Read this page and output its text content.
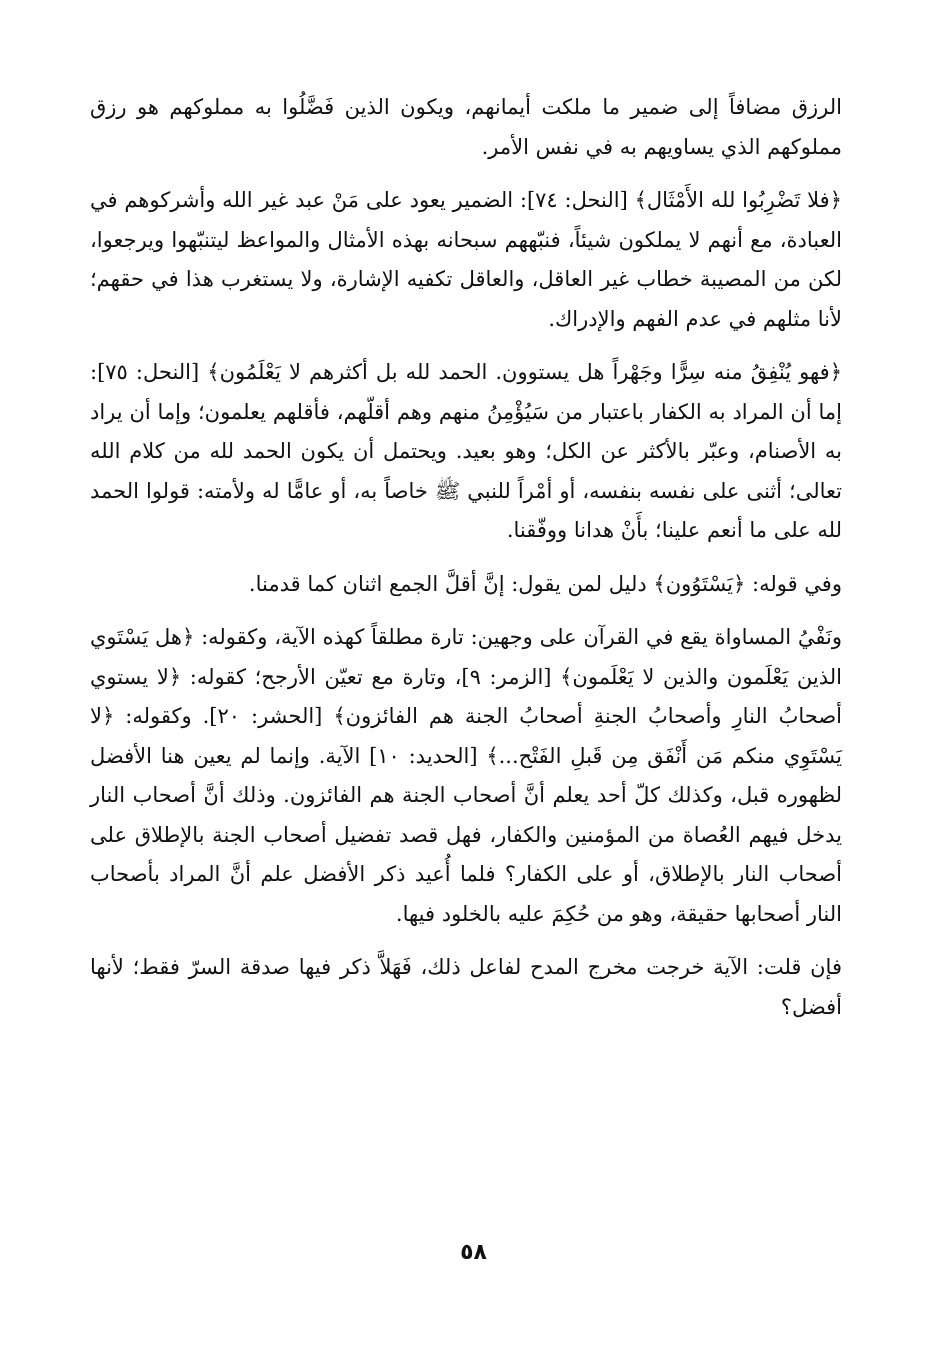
الرزق مضافاً إلى ضمير ما ملكت أيمانهم، ويكون الذين فَضَّلُوا به مملوكهم هو رزق مملوكهم الذي يساويهم به في نفس الأمر.

﴿فلا تَضْرِبُوا لله الأَمْثَال﴾ [النحل: ٧٤]: الضمير يعود على مَنْ عبد غير الله وأشركوهم في العبادة، مع أنهم لا يملكون شيئاً، فنبّههم سبحانه بهذه الأمثال والمواعظ ليتنبّهوا ويرجعوا، لكن من المصيبة خطاب غير العاقل، والعاقل تكفيه الإشارة، ولا يستغرب هذا في حقهم؛ لأنا مثلهم في عدم الفهم والإدراك.

﴿فهو يُنْفِقُ منه سِرًّا وجَهْراً هل يستوون. الحمد لله بل أكثرهم لا يَعْلَمُون﴾ [النحل: ٧٥]: إما أن المراد به الكفار باعتبار من سَيُؤْمِنُ منهم وهم أقلّهم، فأقلهم يعلمون؛ وإما أن يراد به الأصنام، وعبّر بالأكثر عن الكل؛ وهو بعيد. ويحتمل أن يكون الحمد لله من كلام الله تعالى؛ أثنى على نفسه بنفسه، أو أمْراً للنبي ﷺ خاصاً به، أو عامًّا له ولأمته: قولوا الحمد لله على ما أنعم علينا؛ بأَنْ هدانا ووفّقنا.

وفي قوله: ﴿يَسْتَوُون﴾ دليل لمن يقول: إنَّ أقلَّ الجمع اثنان كما قدمنا.

ونَفْيُ المساواة يقع في القرآن على وجهين: تارة مطلقاً كهذه الآية، وكقوله: ﴿هل يَسْتَوي الذين يَعْلَمون والذين لا يَعْلَمون﴾ [الزمر: ٩]، وتارة مع تعيّن الأرجح؛ كقوله: ﴿لا يستوي أصحابُ النارِ وأصحابُ الجنةِ أصحابُ الجنة هم الفائزون﴾ [الحشر: ٢٠]. وكقوله: ﴿لا يَسْتَوِي منكم مَن أَنْفَق مِن قَبلِ الفَتْح...﴾ [الحديد: ١٠] الآية. وإنما لم يعين هنا الأفضل لظهوره قبل، وكذلك كلّ أحد يعلم أنَّ أصحاب الجنة هم الفائزون. وذلك أنَّ أصحاب النار يدخل فيهم العُصاة من المؤمنين والكفار، فهل قصد تفضيل أصحاب الجنة بالإطلاق على أصحاب النار بالإطلاق، أو على الكفار؟ فلما أُعيد ذكر الأفضل علم أنَّ المراد بأصحاب النار أصحابها حقيقة، وهو من حُكِمَ عليه بالخلود فيها.

فإن قلت: الآية خرجت مخرج المدح لفاعل ذلك، فَهَلاَّ ذكر فيها صدقة السرّ فقط؛ لأنها أفضل؟

٥٨
